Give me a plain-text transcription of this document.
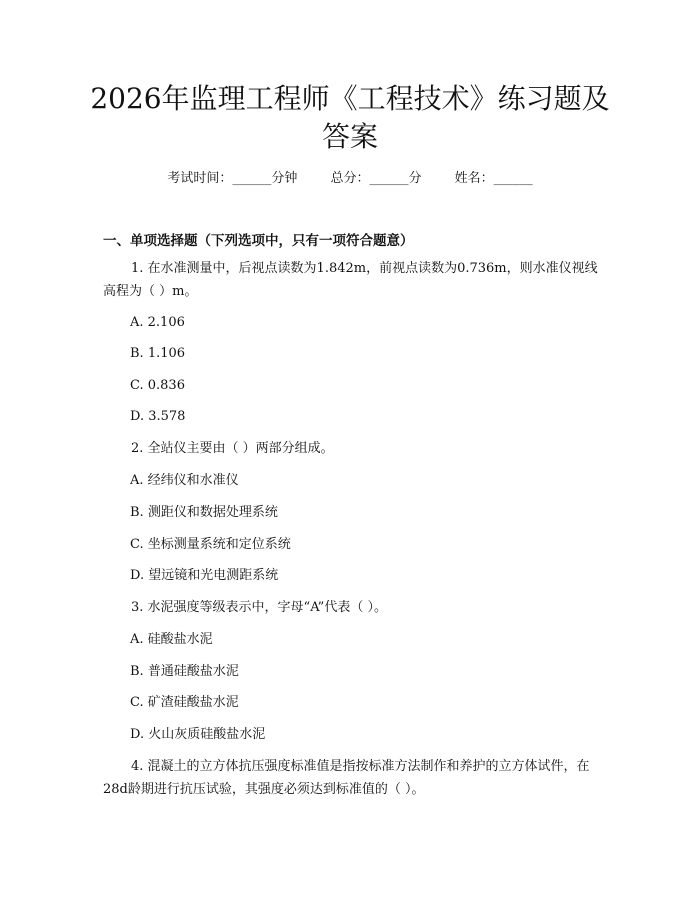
2026年监理工程师《工程技术》练习题及答案
考试时间：______分钟	总分：______分	姓名：______
一、单项选择题（下列选项中，只有一项符合题意）
1. 在水准测量中，后视点读数为1.842m，前视点读数为0.736m，则水准仪视线高程为（ ）m。
A. 2.106
B. 1.106
C. 0.836
D. 3.578
2. 全站仪主要由（ ）两部分组成。
A. 经纬仪和水准仪
B. 测距仪和数据处理系统
C. 坐标测量系统和定位系统
D. 望远镜和光电测距系统
3. 水泥强度等级表示中，字母“A”代表（ ）。
A. 硅酸盐水泥
B. 普通硅酸盐水泥
C. 矿渣硅酸盐水泥
D. 火山灰质硅酸盐水泥
4. 混凝土的立方体抗压强度标准值是指按标准方法制作和养护的立方体试件，在28d龄期进行抗压试验，其强度必须达到标准值的（ ）。
